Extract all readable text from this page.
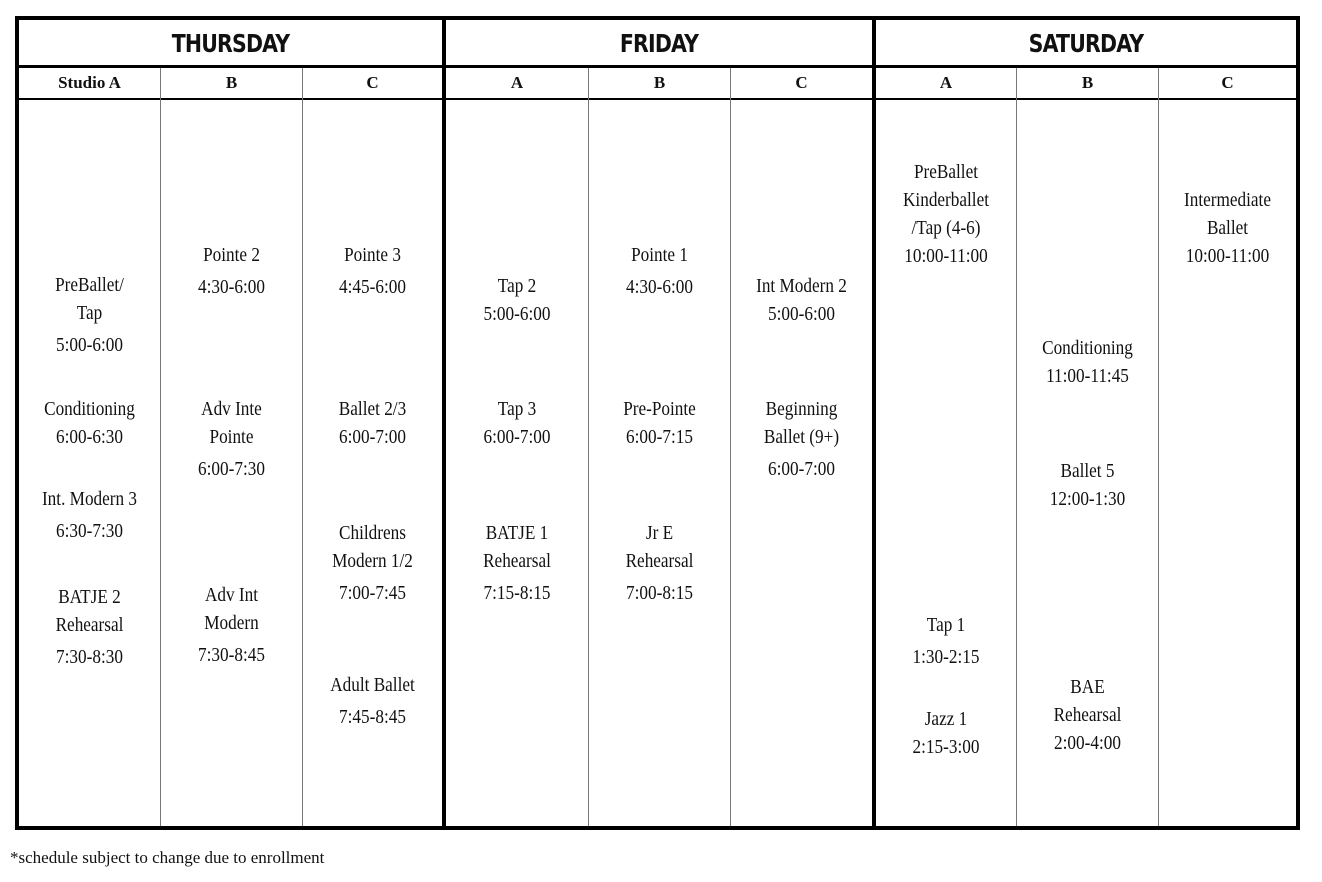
THURSDAY
Studio A
PreBallet/
Tap
5:00-6:00
Conditioning
6:00-6:30
Int. Modern 3
6:30-7:30
BATJE 2
Rehearsal
7:30-8:30
B
Pointe 2
4:30-6:00
Adv Inte
Pointe
6:00-7:30
Adv Int
Modern
7:30-8:45
C
Pointe 3
4:45-6:00
Ballet 2/3
6:00-7:00
Childrens
Modern 1/2
7:00-7:45
Adult Ballet
7:45-8:45
FRIDAY
A
Tap 2
5:00-6:00
Tap 3
6:00-7:00
BATJE 1
Rehearsal
7:15-8:15
B
Pointe 1
4:30-6:00
Pre-Pointe
6:00-7:15
Jr E
Rehearsal
7:00-8:15
C
Int Modern 2
5:00-6:00
Beginning
Ballet (9+)
6:00-7:00
SATURDAY
A
PreBallet
Kinderballet
/Tap (4-6)
10:00-11:00
Tap 1
1:30-2:15
Jazz 1
2:15-3:00
B
Conditioning
11:00-11:45
Ballet 5
12:00-1:30
BAE
Rehearsal
2:00-4:00
C
Intermediate
Ballet
10:00-11:00
*schedule subject to change due to enrollment
